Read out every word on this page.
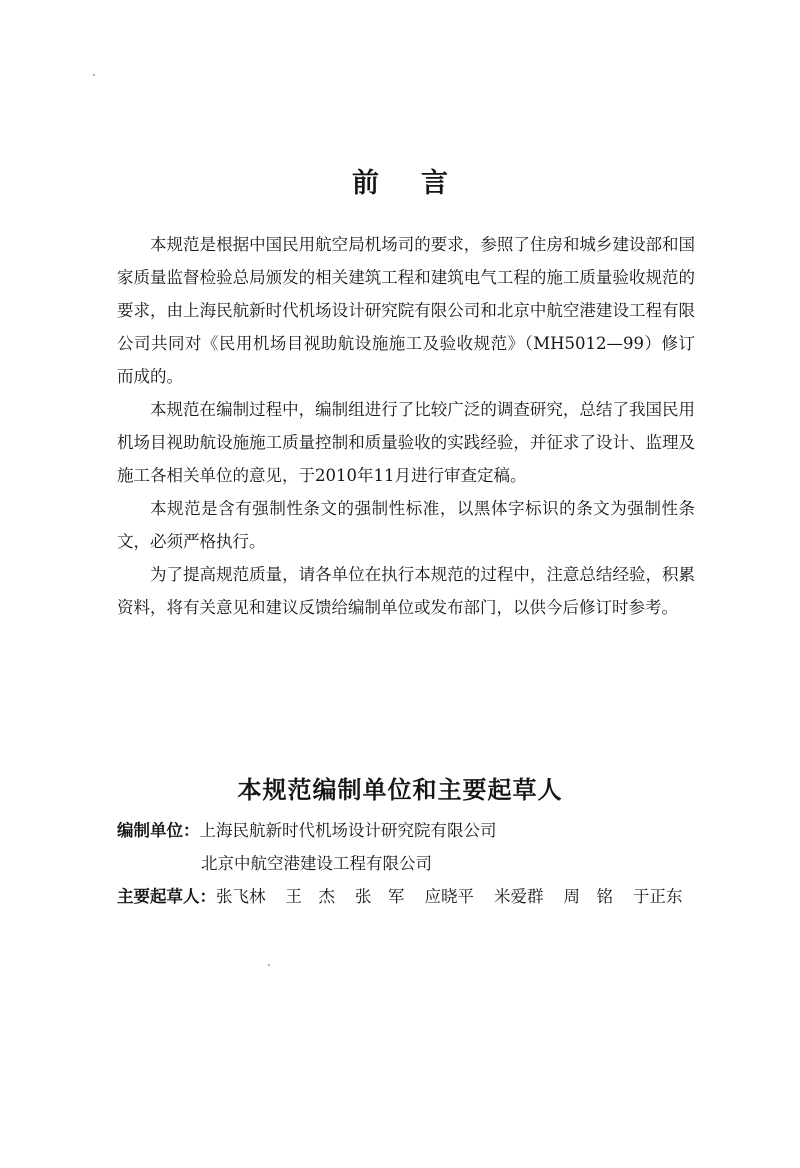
前言

本规范是根据中国民用航空局机场司的要求，参照了住房和城乡建设部和国家质量监督检验总局颁发的相关建筑工程和建筑电气工程的施工质量验收规范的要求，由上海民航新时代机场设计研究院有限公司和北京中航空港建设工程有限公司共同对《民用机场目视助航设施施工及验收规范》（MH5012—99）修订而成的。

本规范在编制过程中，编制组进行了比较广泛的调查研究，总结了我国民用机场目视助航设施施工质量控制和质量验收的实践经验，并征求了设计、监理及施工各相关单位的意见，于2010年11月进行审查定稿。

本规范是含有强制性条文的强制性标准，以黑体字标识的条文为强制性条文，必须严格执行。

为了提高规范质量，请各单位在执行本规范的过程中，注意总结经验，积累资料，将有关意见和建议反馈给编制单位或发布部门，以供今后修订时参考。

本规范编制单位和主要起草人
编制单位： 上海民航新时代机场设计研究院有限公司
北京中航空港建设工程有限公司
主要起草人： 张飞林 王　杰 张　军 应晓平 米爱群 周　铭 于正东
